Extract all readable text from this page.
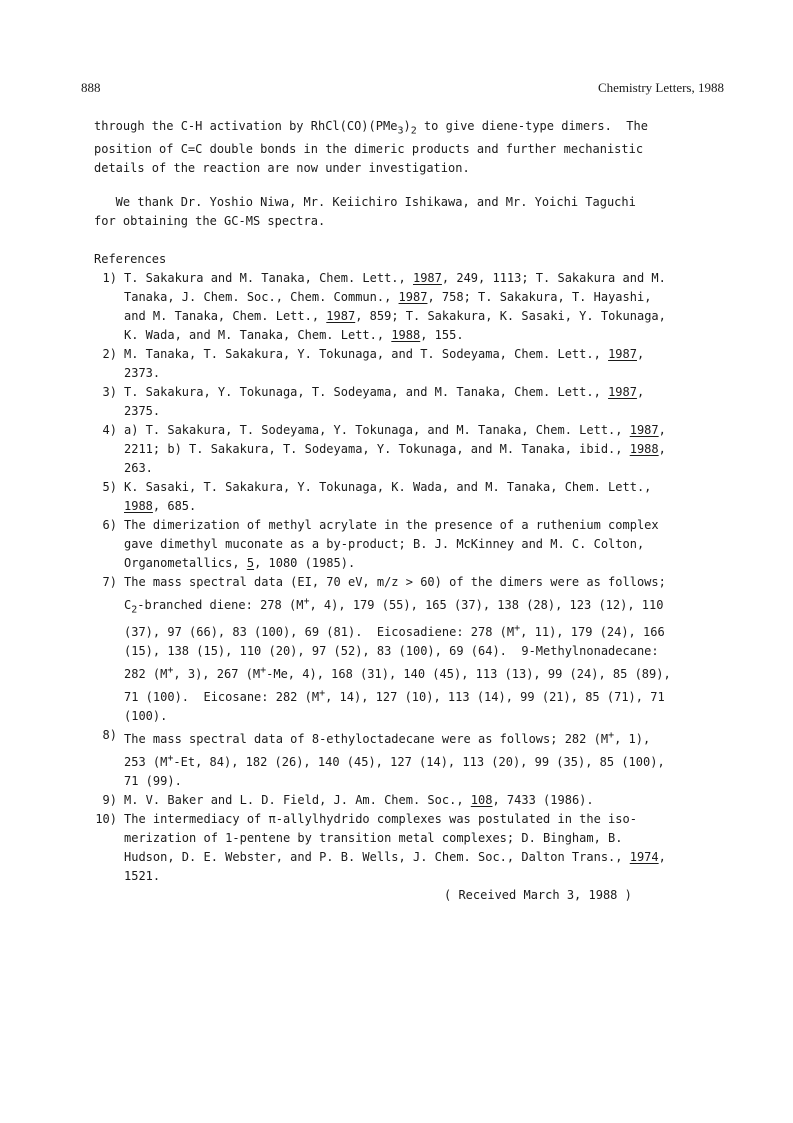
888	Chemistry Letters, 1988
through the C-H activation by $RhCl(CO)(PMe_3)_2$ to give diene-type dimers.  The
position of C=C double bonds in the dimeric products and further mechanistic
details of the reaction are now under investigation.
We thank Dr. Yoshio Niwa, Mr. Keiichiro Ishikawa, and Mr. Yoichi Taguchi
for obtaining the GC-MS spectra.
References
1) T. Sakakura and M. Tanaka, Chem. Lett., 1987, 249, 1113; T. Sakakura and M.
Tanaka, J. Chem. Soc., Chem. Commun., 1987, 758; T. Sakakura, T. Hayashi,
and M. Tanaka, Chem. Lett., 1987, 859; T. Sakakura, K. Sasaki, Y. Tokunaga,
K. Wada, and M. Tanaka, Chem. Lett., 1988, 155.
2) M. Tanaka, T. Sakakura, Y. Tokunaga, and T. Sodeyama, Chem. Lett., 1987,
2373.
3) T. Sakakura, Y. Tokunaga, T. Sodeyama, and M. Tanaka, Chem. Lett., 1987,
2375.
4) a) T. Sakakura, T. Sodeyama, Y. Tokunaga, and M. Tanaka, Chem. Lett., 1987,
2211; b) T. Sakakura, T. Sodeyama, Y. Tokunaga, and M. Tanaka, ibid., 1988,
263.
5) K. Sasaki, T. Sakakura, Y. Tokunaga, K. Wada, and M. Tanaka, Chem. Lett.,
1988, 685.
6) The dimerization of methyl acrylate in the presence of a ruthenium complex
gave dimethyl muconate as a by-product; B. J. McKinney and M. C. Colton,
Organometallics, 5, 1080 (1985).
7) The mass spectral data (EI, 70 eV, m/z > 60) of the dimers were as follows;
$C_2$-branched diene: 278 (M+, 4), 179 (55), 165 (37), 138 (28), 123 (12), 110
(37), 97 (66), 83 (100), 69 (81).  Eicosadiene: 278 (M+, 11), 179 (24), 166
(15), 138 (15), 110 (20), 97 (52), 83 (100), 69 (64).  9-Methylnonadecane:
282 (M+, 3), 267 (M+-Me, 4), 168 (31), 140 (45), 113 (13), 99 (24), 85 (89),
71 (100).  Eicosane: 282 (M+, 14), 127 (10), 113 (14), 99 (21), 85 (71), 71
(100).
8) The mass spectral data of 8-ethyloctadecane were as follows; 282 (M+, 1),
253 (M+-Et, 84), 182 (26), 140 (45), 127 (14), 113 (20), 99 (35), 85 (100),
71 (99).
9) M. V. Baker and L. D. Field, J. Am. Chem. Soc., 108, 7433 (1986).
10) The intermediacy of π-allylhydrido complexes was postulated in the iso-
merization of 1-pentene by transition metal complexes; D. Bingham, B.
Hudson, D. E. Webster, and P. B. Wells, J. Chem. Soc., Dalton Trans., 1974,
1521.
( Received March 3, 1988 )
